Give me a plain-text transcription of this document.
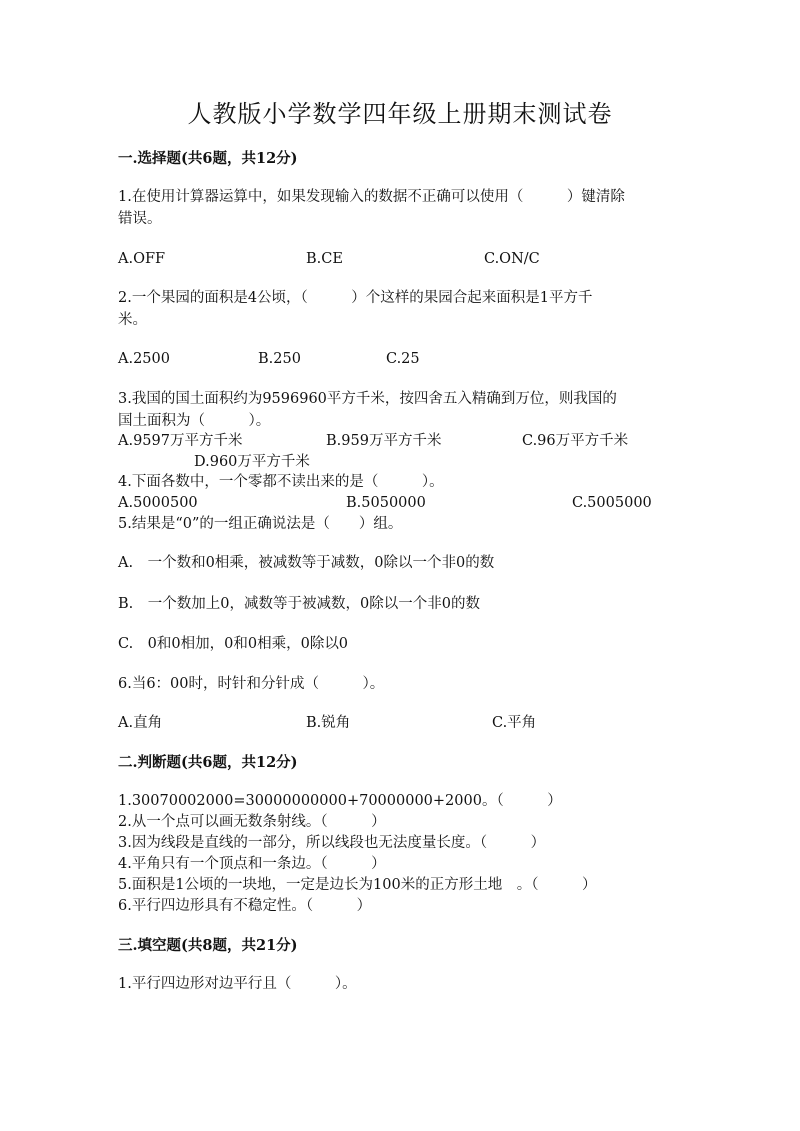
人教版小学数学四年级上册期末测试卷
一.选择题(共6题，共12分)
1.在使用计算器运算中，如果发现输入的数据不正确可以使用（　　　）键清除
错误。
A.OFF	B.CE	C.ON/C
2.一个果园的面积是4公顷，（　　　）个这样的果园合起来面积是1平方千
米。
A.2500	B.250	C.25
3.我国的国土面积约为9596960平方千米，按四舍五入精确到万位，则我国的
国土面积为（　　　）。
A.9597万平方千米	B.959万平方千米	C.96万平方千米
D.960万平方千米
4.下面各数中，一个零都不读出来的是（　　　）。
A.5000500	B.5050000	C.5005000
5.结果是“0”的一组正确说法是（　　）组。
A.　一个数和0相乘，被减数等于减数，0除以一个非0的数
B.　一个数加上0，减数等于被减数，0除以一个非0的数
C.　0和0相加，0和0相乘，0除以0
6.当6：00时，时针和分针成（　　　）。
A.直角	B.锐角	C.平角
二.判断题(共6题，共12分)
1.30070002000=30000000000+70000000+2000。（　　　）
2.从一个点可以画无数条射线。（　　　）
3.因为线段是直线的一部分，所以线段也无法度量长度。（　　　）
4.平角只有一个顶点和一条边。（　　　）
5.面积是1公顷的一块地，一定是边长为100米的正方形土地　。（　　　）
6.平行四边形具有不稳定性。（　　　）
三.填空题(共8题，共21分)
1.平行四边形对边平行且（　　　）。
